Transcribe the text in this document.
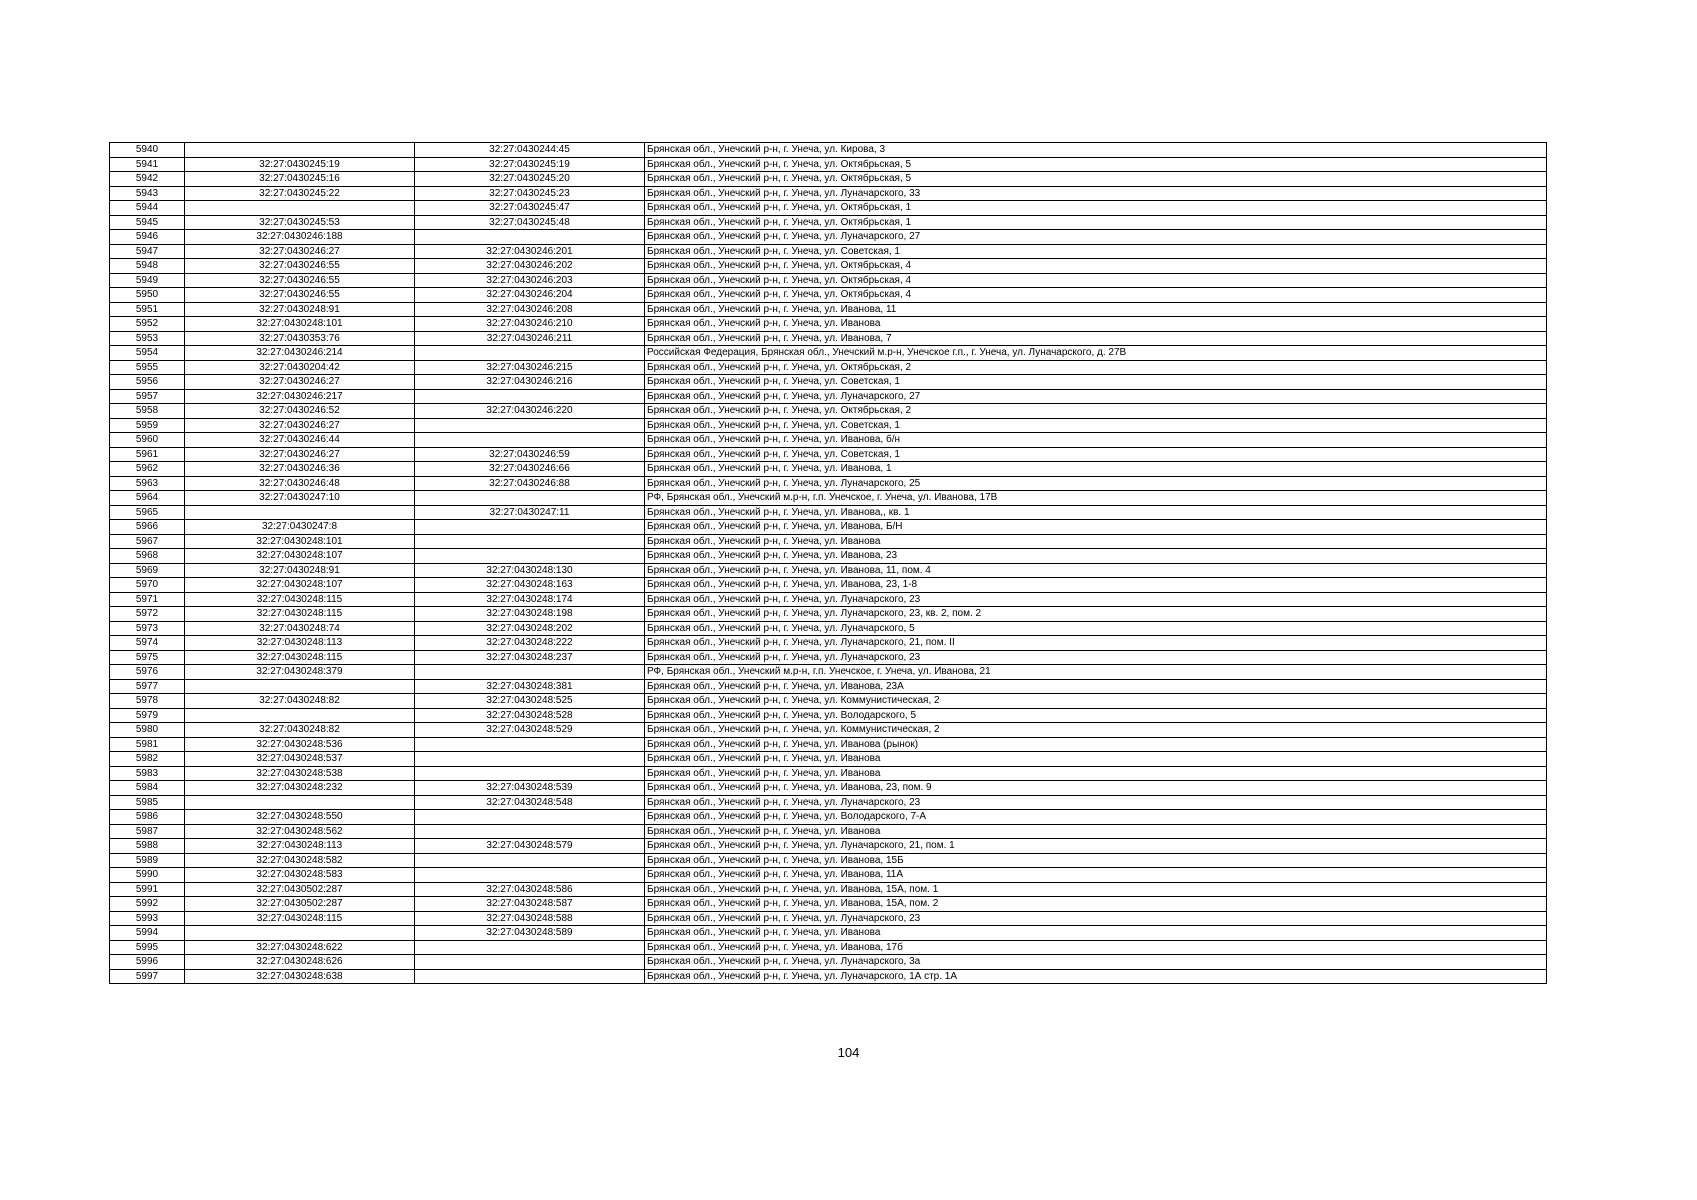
5940		32:27:0430244:45	Брянская обл., Унечский р-н, г. Унеча, ул. Кирова, 3
5941	32:27:0430245:19	32:27:0430245:19	Брянская обл., Унечский р-н, г. Унеча, ул. Октябрьская, 5
5942	32:27:0430245:16	32:27:0430245:20	Брянская обл., Унечский р-н, г. Унеча, ул. Октябрьская, 5
5943	32:27:0430245:22	32:27:0430245:23	Брянская обл., Унечский р-н, г. Унеча, ул. Луначарского, 33
5944		32:27:0430245:47	Брянская обл., Унечский р-н, г. Унеча, ул. Октябрьская, 1
5945	32:27:0430245:53	32:27:0430245:48	Брянская обл., Унечский р-н, г. Унеча, ул. Октябрьская, 1
5946	32:27:0430246:188		Брянская обл., Унечский р-н, г. Унеча, ул. Луначарского, 27
5947	32:27:0430246:27	32:27:0430246:201	Брянская обл., Унечский р-н, г. Унеча, ул. Советская, 1
5948	32:27:0430246:55	32:27:0430246:202	Брянская обл., Унечский р-н, г. Унеча, ул. Октябрьская, 4
5949	32:27:0430246:55	32:27:0430246:203	Брянская обл., Унечский р-н, г. Унеча, ул. Октябрьская, 4
5950	32:27:0430246:55	32:27:0430246:204	Брянская обл., Унечский р-н, г. Унеча, ул. Октябрьская, 4
5951	32:27:0430248:91	32:27:0430246:208	Брянская обл., Унечский р-н, г. Унеча, ул. Иванова, 11
5952	32:27:0430248:101	32:27:0430246:210	Брянская обл., Унечский р-н, г. Унеча, ул. Иванова
5953	32:27:0430353:76	32:27:0430246:211	Брянская обл., Унечский р-н, г. Унеча, ул. Иванова, 7
5954	32:27:0430246:214		Российская Федерация, Брянская обл., Унечский м.р-н, Унечское г.п., г. Унеча, ул. Луначарского, д. 27В
5955	32:27:0430204:42	32:27:0430246:215	Брянская обл., Унечский р-н, г. Унеча, ул. Октябрьская, 2
5956	32:27:0430246:27	32:27:0430246:216	Брянская обл., Унечский р-н, г. Унеча, ул. Советская, 1
5957	32:27:0430246:217		Брянская обл., Унечский р-н, г. Унеча, ул. Луначарского, 27
5958	32:27:0430246:52	32:27:0430246:220	Брянская обл., Унечский р-н, г. Унеча, ул. Октябрьская, 2
5959	32:27:0430246:27		Брянская обл., Унечский р-н, г. Унеча, ул. Советская, 1
5960	32:27:0430246:44		Брянская обл., Унечский р-н, г. Унеча, ул. Иванова, б/н
5961	32:27:0430246:27	32:27:0430246:59	Брянская обл., Унечский р-н, г. Унеча, ул. Советская, 1
5962	32:27:0430246:36	32:27:0430246:66	Брянская обл., Унечский р-н, г. Унеча, ул. Иванова, 1
5963	32:27:0430246:48	32:27:0430246:88	Брянская обл., Унечский р-н, г. Унеча, ул. Луначарского, 25
5964	32:27:0430247:10		РФ, Брянская обл., Унечский м.р-н, г.п. Унечское, г. Унеча, ул. Иванова, 17В
5965		32:27:0430247:11	Брянская обл., Унечский р-н, г. Унеча, ул. Иванова,, кв. 1
5966	32:27:0430247:8		Брянская обл., Унечский р-н, г. Унеча, ул. Иванова, Б/Н
5967	32:27:0430248:101		Брянская обл., Унечский р-н, г. Унеча, ул. Иванова
5968	32:27:0430248:107		Брянская обл., Унечский р-н, г. Унеча, ул. Иванова, 23
5969	32:27:0430248:91	32:27:0430248:130	Брянская обл., Унечский р-н, г. Унеча, ул. Иванова, 11, пом. 4
5970	32:27:0430248:107	32:27:0430248:163	Брянская обл., Унечский р-н, г. Унеча, ул. Иванова, 23, 1-8
5971	32:27:0430248:115	32:27:0430248:174	Брянская обл., Унечский р-н, г. Унеча, ул. Луначарского, 23
5972	32:27:0430248:115	32:27:0430248:198	Брянская обл., Унечский р-н, г. Унеча, ул. Луначарского, 23, кв. 2, пом. 2
5973	32:27:0430248:74	32:27:0430248:202	Брянская обл., Унечский р-н, г. Унеча, ул. Луначарского, 5
5974	32:27:0430248:113	32:27:0430248:222	Брянская обл., Унечский р-н, г. Унеча, ул. Луначарского, 21, пом. II
5975	32:27:0430248:115	32:27:0430248:237	Брянская обл., Унечский р-н, г. Унеча, ул. Луначарского, 23
5976	32:27:0430248:379		РФ, Брянская обл., Унечский м.р-н, г.п. Унечское, г. Унеча, ул. Иванова, 21
5977		32:27:0430248:381	Брянская обл., Унечский р-н, г. Унеча, ул. Иванова, 23А
5978	32:27:0430248:82	32:27:0430248:525	Брянская обл., Унечский р-н, г. Унеча, ул. Коммунистическая, 2
5979		32:27:0430248:528	Брянская обл., Унечский р-н, г. Унеча, ул. Володарского, 5
5980	32:27:0430248:82	32:27:0430248:529	Брянская обл., Унечский р-н, г. Унеча, ул. Коммунистическая, 2
5981	32:27:0430248:536		Брянская обл., Унечский р-н, г. Унеча, ул. Иванова (рынок)
5982	32:27:0430248:537		Брянская обл., Унечский р-н, г. Унеча, ул. Иванова
5983	32:27:0430248:538		Брянская обл., Унечский р-н, г. Унеча, ул. Иванова
5984	32:27:0430248:232	32:27:0430248:539	Брянская обл., Унечский р-н, г. Унеча, ул. Иванова, 23, пом. 9
5985		32:27:0430248:548	Брянская обл., Унечский р-н, г. Унеча, ул. Луначарского, 23
5986	32:27:0430248:550		Брянская обл., Унечский р-н, г. Унеча, ул. Володарского, 7-А
5987	32:27:0430248:562		Брянская обл., Унечский р-н, г. Унеча, ул. Иванова
5988	32:27:0430248:113	32:27:0430248:579	Брянская обл., Унечский р-н, г. Унеча, ул. Луначарского, 21, пом. 1
5989	32:27:0430248:582		Брянская обл., Унечский р-н, г. Унеча, ул. Иванова, 15Б
5990	32:27:0430248:583		Брянская обл., Унечский р-н, г. Унеча, ул. Иванова, 11А
5991	32:27:0430502:287	32:27:0430248:586	Брянская обл., Унечский р-н, г. Унеча, ул. Иванова, 15А, пом. 1
5992	32:27:0430502:287	32:27:0430248:587	Брянская обл., Унечский р-н, г. Унеча, ул. Иванова, 15А, пом. 2
5993	32:27:0430248:115	32:27:0430248:588	Брянская обл., Унечский р-н, г. Унеча, ул. Луначарского, 23
5994		32:27:0430248:589	Брянская обл., Унечский р-н, г. Унеча, ул. Иванова
5995	32:27:0430248:622		Брянская обл., Унечский р-н, г. Унеча, ул. Иванова, 17б
5996	32:27:0430248:626		Брянская обл., Унечский р-н, г. Унеча, ул. Луначарского, 3а
5997	32:27:0430248:638		Брянская обл., Унечский р-н, г. Унеча, ул. Луначарского, 1А стр. 1А
104
